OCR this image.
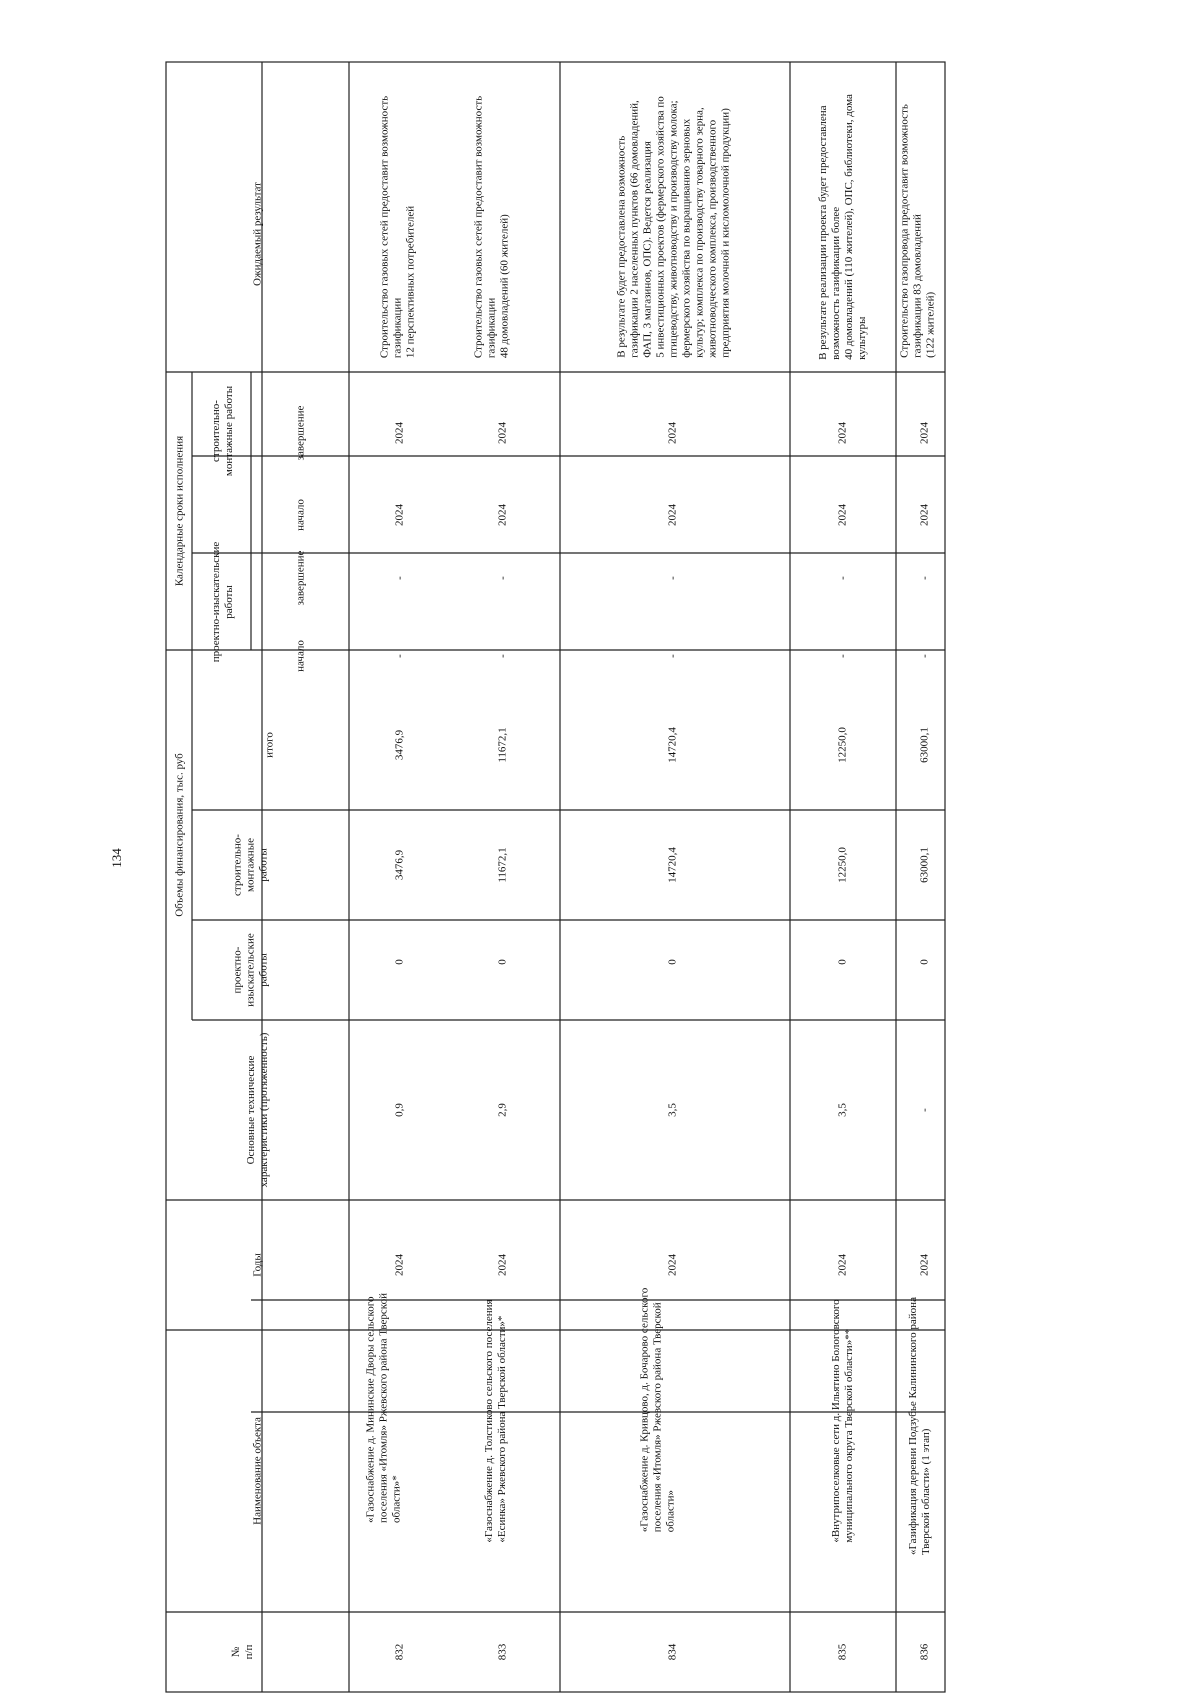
134
№
п/п
Наименование объекта
Годы
Основные технические
характеристики (протяженность)
Объемы финансирования, тыс. руб
проектно-
изыскательские
работы
строительно-
монтажные
работы
итого
Календарные сроки исполнения
проектно-изыскательские
работы
строительно-
монтажные работы
начало
завершение
начало
завершение
Ожидаемый результат
832
«Газоснабжение д. Мининские Дворы сельского
поселения «Итомля» Ржевского района Тверской
области»*
2024
0,9
0
3476,9
3476,9
-
-
2024
2024
Строительство газовых сетей предоставит возможность
газификации
12 перспективных потребителей
833
«Газоснабжение д. Толстиково сельского поселения
«Есинка» Ржевского района Тверской области»*
2024
2,9
0
11672,1
11672,1
-
-
2024
2024
Строительство газовых сетей предоставит возможность
газификации
48 домовладений (60 жителей)
834
«Газоснабжение д. Кривцово, д. Бочарово сельского
поселения «Итомля» Ржевского района Тверской
области»
2024
3,5
0
14720,4
14720,4
-
-
2024
2024
В результате будет предоставлена возможность
газификации 2 населенных пунктов (66 домовладений,
ФАП, 3 магазинов, ОПС). Ведется реализация
5 инвестиционных проектов (фермерского хозяйства по
птицеводству, животноводству и производству молока;
фермерского хозяйства по выращиванию зерновых
культур; комплекса по производству товарного зерна,
животноводческого комплекса, производственного
предприятия молочной и кисломолочной продукции)
835
«Внутрипоселковые сети д. Ильятино Бологовского
муниципального округа Тверской области»**
2024
3,5
0
12250,0
12250,0
-
-
2024
2024
В результате реализации проекта будет предоставлена
возможность газификации более
40 домовладений (110 жителей), ОПС, библиотеки, дома
культуры
836
«Газификация деревни Подзубье Калининского района
Тверской области» (1 этап)
2024
-
0
63000,1
63000,1
-
-
2024
2024
Строительство газопровода предоставит возможность
газификации 83 домовладений
(122 жителей)
